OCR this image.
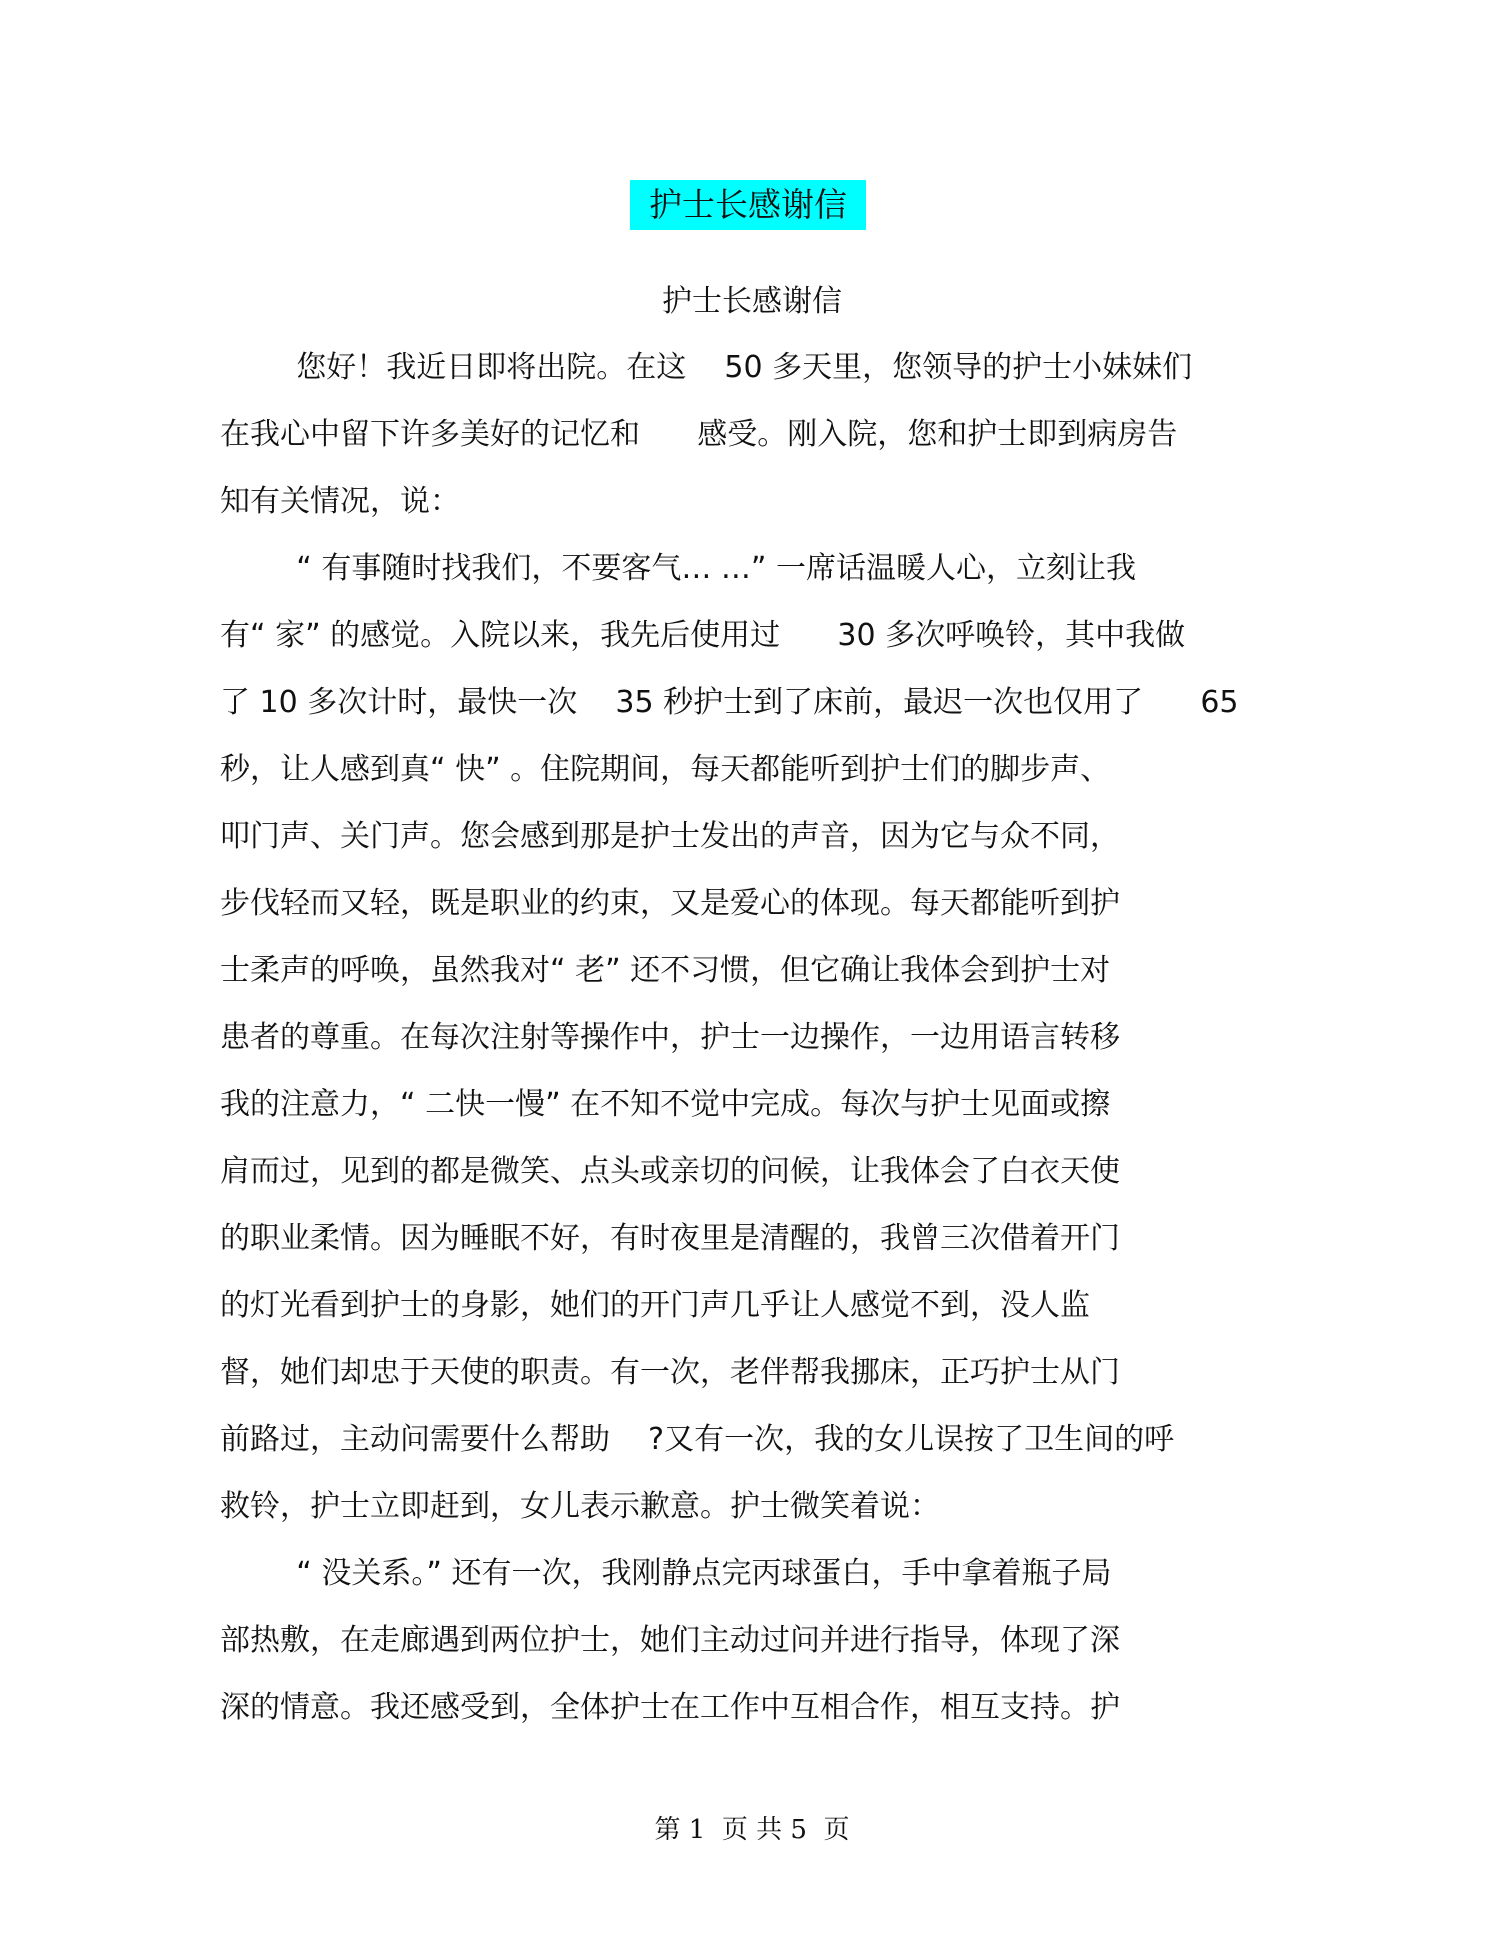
护士长感谢信
护士长感谢信
您好！我近日即将出院。在这    50 多天里，您领导的护士小妹妹们
在我心中留下许多美好的记忆和      感受。刚入院，您和护士即到病房告
知有关情况，说：
“ 有事随时找我们，不要客气… …” 一席话温暖人心，立刻让我
有“ 家” 的感觉。入院以来，我先后使用过      30 多次呼唤铃，其中我做
了 10 多次计时，最快一次    35 秒护士到了床前，最迟一次也仅用了      65
秒，让人感到真“ 快” 。住院期间，每天都能听到护士们的脚步声、
叩门声、关门声。您会感到那是护士发出的声音，因为它与众不同，
步伐轻而又轻，既是职业的约束，又是爱心的体现。每天都能听到护
士柔声的呼唤，虽然我对“ 老” 还不习惯，但它确让我体会到护士对
患者的尊重。在每次注射等操作中，护士一边操作，一边用语言转移
我的注意力，“ 二快一慢” 在不知不觉中完成。每次与护士见面或擦
肩而过，见到的都是微笑、点头或亲切的问候，让我体会了白衣天使
的职业柔情。因为睡眠不好，有时夜里是清醒的，我曾三次借着开门
的灯光看到护士的身影，她们的开门声几乎让人感觉不到，没人监
督，她们却忠于天使的职责。有一次，老伴帮我挪床，正巧护士从门
前路过，主动问需要什么帮助    ?又有一次，我的女儿误按了卫生间的呼
救铃，护士立即赶到，女儿表示歉意。护士微笑着说：
“ 没关系。” 还有一次，我刚静点完丙球蛋白，手中拿着瓶子局
部热敷，在走廊遇到两位护士，她们主动过问并进行指导，体现了深
深的情意。我还感受到，全体护士在工作中互相合作，相互支持。护
第 1  页 共 5  页
